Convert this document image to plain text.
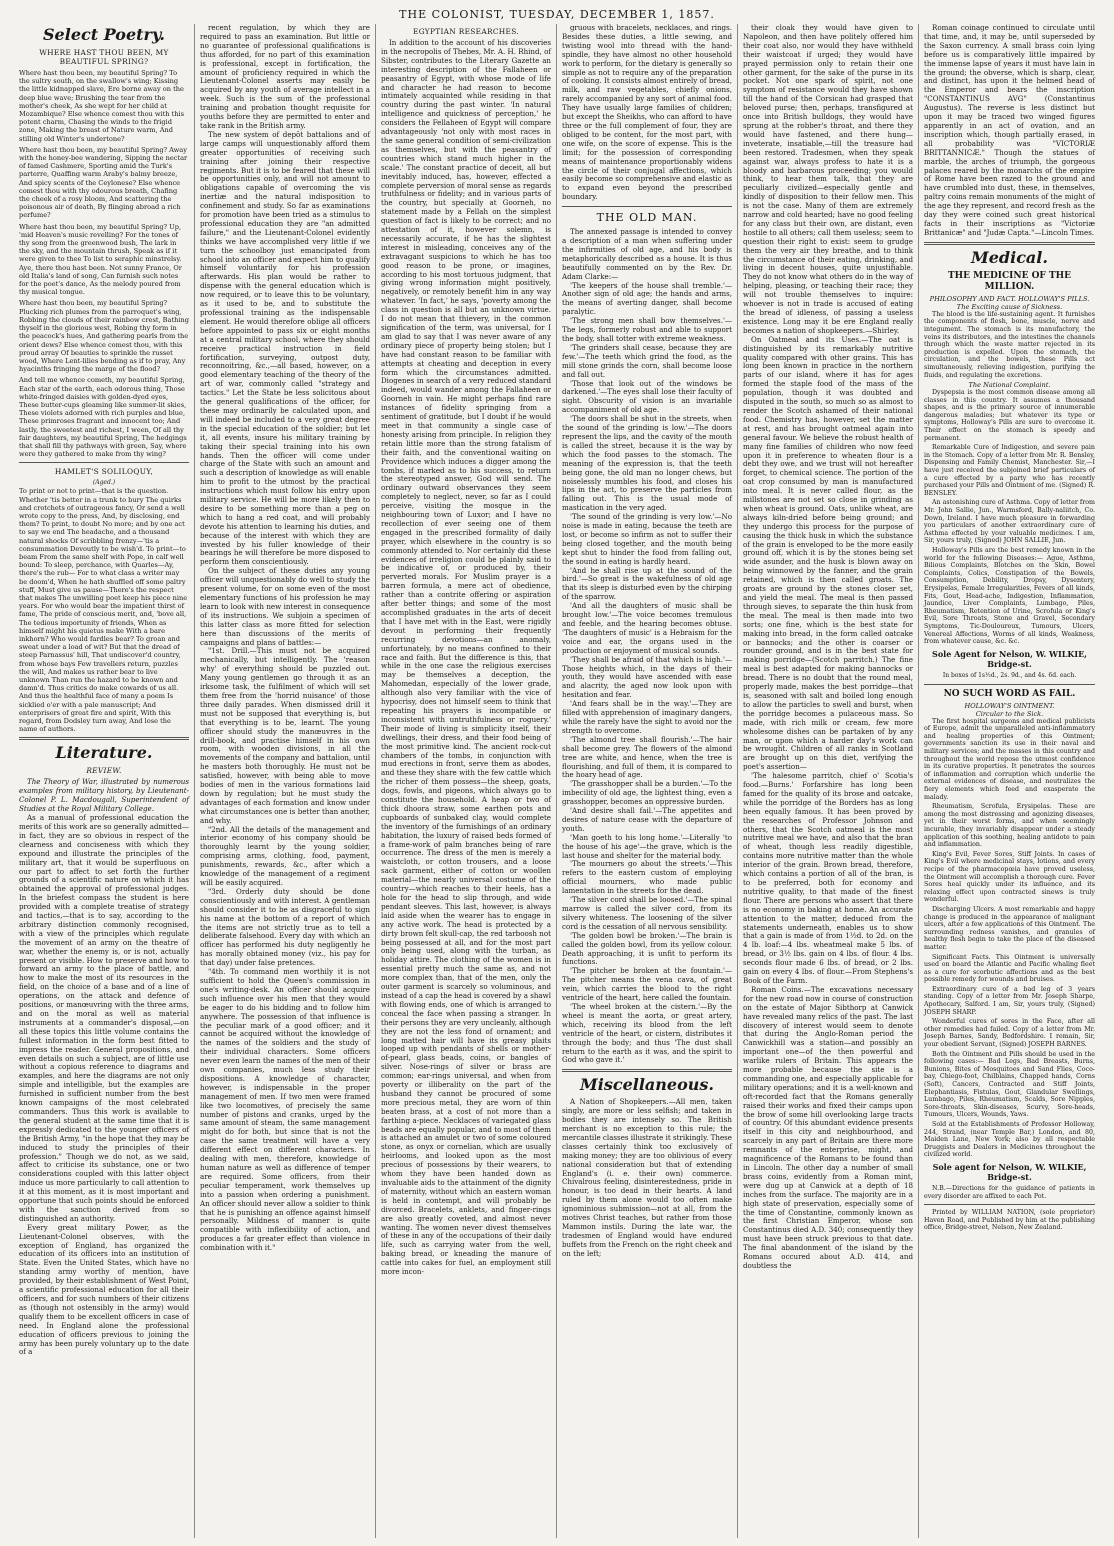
THE COLONIST, TUESDAY, DECEMBER 1, 1857.
Select Poetry.
WHERE HAST THOU BEEN, MY BEAUTIFUL SPRING?

Where hast thou been, my beautiful Spring? To the sultry south, on the swallow's wing; Kissing the little kidnapped slave, Ere borne away on the deep blue wave; Brushing the tear from the mother's cheek, As she wept for her child at Mozambique? Else whence comest thou with this potent charm, Chasing the winds to the frigid zone, Making the breast of Nature warm, And stilling old Winter's undertone?

Where hast thou been, my beautiful Spring? Away with the honey-bee wandering, Sipping the nectar of famed Cashmere, Sporting amid the Turk's parterre, Quaffing warm Araby's balmy breeze, And spicy scents of the Ceylonese? Else whence comest thou with thy odourous breath, Chafing the cheek of a rosy bloom, And scattering the poisonous air of death, By flinging abroad a rich perfume?

Where hast thou been, my beautiful Spring? Up, 'mid Heaven's music revelling? For the tones of thy song from the greenwood bush, The lark in the sky, and the mountain thrush, Speak as if it were given to thee To list to seraphic minstrelsy. Aye, there thou hast been. Not sunny France, Or old Italia's land of song, Can furnish such notes for the poet's dance, As the melody poured from thy musical tongue.

Where hast thou been, my beautiful Spring? Plucking rich plumes from the parroquet's wing, Robbing the clouds of their rainbow crest, Bathing thyself in the glorious west, Robing thy form in the peacock's hues, And gathering pearls from the orient dews? Else whence comest thou, with this proud array Of beauties to sprinkle the russet wood, Where Lent-lilies bending as if to pray, Any hyacinths fringing the marge of the flood?

And tell me whence cometh, my beautiful Spring, Each star of the earth, each odorous thing, Those white-fringed daisies with golden-dyed eyes, These butter-cups gleaming like summer-lit skies, These violets adorned with rich purples and blue, These primroses fragrant and innocent too; And lastly, the sweetest and richest, I ween, Of all thy fair daughters, my beautiful Spring, The hedgings that shall fill thy pathways with green, Say, where were they gathered to make from thy wing?

HAMLET'S SOLILOQUY,
(Aged.)

To print or not to print—that is the question. Whether 'tis better in a trunk to bury The quirks and crotchets of outrageous fancy, Or send a well wrote copy to the press, And, by disclosing, end them? To print, to doubt No more; and by one act to say we end The headache, and a thousand natural shocks Of scribbling frenzy—'tis a consummation Devoutly to be wish'd. To print—to beam From the same shelf with Pope, in calf well bound: To sleep, perchance, with Quarles—Ay, there's the rub— For to what class a writer may be doom'd, When he hath shuffled off some paltry stuff, Must give us pause—There's the respect that makes The unwilling poet keep his piece nine years. For who would bear the impatient thirst of fame, The pride of conscious merit, and, 'bove all, The tedious importunity of friends, When as himself might his quietus make With a bare inkhorn? Who would fardles bear? To groan and sweat under a load of wit? But that the dread of steep Parnassus' hill, That undiscover'd country, from whose bays Few travellers return, puzzles the will, And makes us rather bear to live unknown Than run the hazard to be known and damn'd. Thus critics do make cowards of us all. And thus the healthful face of many a poem Is sicklied o'er with a pale manuscript; And enterprisers of great fire and spirit, With this regard, from Dodsley turn away, And lose the name of authors.

Literature.
REVIEW.

The Theory of War, illustrated by numerous examples from military history, by Lieutenant-Colonel P. L. Macdougall, Superintendent of Studies at the Royal Military College.

As a manual of professional education the merits of this work are so generally admitted—in fact, they are so obvious in respect of the clearness and conciseness with which they expound and illustrate the principles of the military art, that it would be superfluous on our part to affect to set forth the further grounds of a scientific nature on which it has obtained the approval of professional judges. In the briefest compass the student is here provided with a complete treatise of strategy and tactics,—that is to say, according to the arbitrary distinction commonly recognised, with a view of the principles which regulate the movement of an army on the theatre of war, whether the enemy is, or is not, actually present or visible. How to preserve and how to forward an army to the place of battle, and how to make the most of its resources in the field, on the choice of a base and of a line of operations, on the attack and defence of positions, or manœuvring with the three arms, and on the moral as well as material instruments at a commander's disposal,—on all these topics this little volume contains the fullest information in the form best fitted to impress the reader. General propositions, and even details on such a subject, are of little use without a copious reference to diagrams and examples, and here the diagrams are not only simple and intelligible, but the examples are furnished in sufficient number from the best known campaigns of the most celebrated commanders. Thus this work is available to the general student at the same time that it is expressly dedicated to the younger officers of the British Army, "in the hope that they may be induced to study the principles of their profession." Though we do not, as we said, affect to criticise its substance, one or two considerations coupled with this latter object induce us more particularly to call attention to it at this moment, as it is most important and opportune that such points should be enforced with the sanction derived from so distinguished an authority.

Every great military Power, as the Lieutenant-Colonel observes, with the exception of England, has organized the education of its officers into an institution of State. Even the United States, which have no standing army worthy of mention, have provided, by their establishment of West Point, a scientific professional education for all their officers, and for such numbers of their citizens as (though not ostensibly in the army) would qualify them to be excellent officers in case of need. In England alone the professional education of officers previous to joining the army has been purely voluntary up to the date of a

recent regulation, by which they are required to pass an examination. But little or no guarantee of professional qualifications is thus afforded, for no part of this examination is professional, except in fortification, the amount of proficiency required in which the Lieutenant-Colonel asserts may easily be acquired by any youth of average intellect in a week. Such is the sum of the professional training and probation thought requisite for youths before they are permitted to enter and take rank in the British army.

The new system of depôt battalions and of large camps will unquestionably afford them greater opportunities of receiving such training after joining their respective regiments. But it is to be feared that these will be opportunities only, and will not amount to obligations capable of overcoming the vis inertiæ and the natural indisposition to confinement and study. So far as examinations for promotion have been tried as a stimulus to professional education they are "an admitted failure," and the Lieutenant-Colonel evidently thinks we have accomplished very little if we turn the schoolboy just emancipated from school into an officer and expect him to qualify himself voluntarily for his profession afterwards. His plan would be rather to dispense with the general education which is now required, or to leave this to be voluntary, as it used to be, and to substitute the professional training as the indispensable element. He would therefore oblige all officers before appointed to pass six or eight months at a central military school, where they should receive practical instruction in field fortification, surveying, outpost duty, reconnoitring, &c.,—all based, however, on a good elementary teaching of the theory of the art of war, commonly called "strategy and tactics." Let the State be less solicitous about the general qualifications of the officer, for these may ordinarily be calculated upon, and will indeed be included to a very great degree in the special education of the soldier; but let it, all events, insure his military training by taking their special training into his own hands. Then the officer will come under charge of the State with such an amount and such a description of knowledge as will enable him to profit to the utmost by the practical instructions which must follow his entry upon military service. He will be more likely then to desire to be something more than a peg on which to hang a red coat, and will probably devote his attention to learning his duties, and because of the interest with which they are invested by his fuller knowledge of their bearings he will therefore be more disposed to perform them conscientiously.

On the subject of these duties any young officer will unquestionably do well to study the present volume, for on some even of the most elementary functions of his profession he may learn to look with new interest in consequence of its instructions. We subjoin a specimen of this latter class as more fitted for selection here than discussions of the merits of campaigns and plans of battles:—

"1st. Drill.—This must not be acquired mechanically, but intelligently. The 'reason why' of everything should be puzzled out. Many young gentlemen go through it as an irksome task, the fulfilment of which will set them free from the 'horrid nuisance' of those three daily parades. When dismissed drill it must not be supposed that everything is, but that everything is to be, learnt. The young officer should study the manœuvres in the drill-book, and practise himself in his own room, with wooden divisions, in all the movements of the company and battalion, until he masters both thoroughly. He must not be satisfied, however, with being able to move bodies of men in the various formations laid down by regulation; but he must study the advantages of each formation and know under what circumstances one is better than another, and why.

"2nd. All the details of the management and interior economy of his company should be thoroughly learnt by the young soldier, comprising arms, clothing, food, payment, punishments, rewards, &c., after which a knowledge of the management of a regiment will be easily acquired.

"3rd. Orderly duty should be done conscientiously and with interest. A gentleman should consider it to be as disgraceful to sign his name at the bottom of a report of which the items are not strictly true as to tell a deliberate falsehood. Every day with which an officer has performed his duty negligently he has morally obtained money (viz., his pay for that day) under false pretences.

"4th. To command men worthily it is not sufficient to hold the Queen's commission in one's writing-desk. An officer should acquire such influence over his men that they would be eager to do his bidding and to follow him anywhere. The possession of that influence is the peculiar mark of a good officer; and it cannot be acquired without the knowledge of the names of the soldiers and the study of their individual characters. Some officers never even learn the names of the men of their own companies, much less study their dispositions. A knowledge of character, however, is indispensable in the proper management of men. If two men were framed like two locomotives, of precisely the same number of pistons and cranks, urged by the same amount of steam, the same management might do for both, but since that is not the case the same treatment will have a very different effect on different characters. In dealing with men, therefore, knowledge of human nature as well as difference of temper are required. Some officers, from their peculiar temperament, work themselves up into a passion when ordering a punishment. An officer should never allow a soldier to think that he is punishing an offence against himself personally. Mildness of manner is quite compatible with inflexibility of action, and produces a far greater effect than violence in combination with it."

EGYPTIAN RESEARCHES.

In addition to the account of his discoveries in the necropolis of Thebes, Mr. A. H. Rhind, of Sibster, contributes to the Literary Gazette an interesting description of the Fallaheen or peasantry of Egypt, with whose mode of life and character he had reason to become intimately acquainted while residing in that country during the past winter. 'In natural intelligence and quickness of perception,' he considers the Fellaheen of Egypt will compare advantageously 'not only with most races in the same general condition of semi-civilization as themselves, but with the peasantry of countries which stand much higher in the scale.' The constant practice of deceit, all but inevitably induced, has, however, effected a complete perversion of moral sense as regards truthfulness or fidelity; and in various parts of the country, but specially at Goorneh, no statement made by a Fellah on the simplest question of fact is likely to be correct; and no attestation of it, however solemn, is necessarily accurate, if he has the slightest interest in misleading, conceives any of the extravagant suspicions to which he has too good reason to be prone, or imagines, according to his most tortuous judgment, that giving wrong information might positively, negatively, or remotely benefit him in any way whatever. 'In fact,' he says, 'poverty among the class in question is all but an unknown virtue. I do not mean that thievery, in the common signification of the term, was universal, for I am glad to say that I was never aware of any ordinary piece of property being stolen; but I have had constant reason to be familiar with attempts at cheating and deception in every form which the circumstances admitted. Diogenes in search of a very reduced standard indeed, would wander among the Fallaheen or Goorneh in vain. He might perhaps find rare instances of fidelity springing from a sentiment of gratitude, but I doubt if he would meet in that community a single case of honesty arising from principle. In religion they retain little more than the strong fatalism of their faith, and the conventional waiting on Providence which induces a digger among the tombs, if marked as to his success, to return the stereotyped answer, God will send. The ordinary outward observances they seem completely to neglect, never, so far as I could perceive, visiting the mosque in the neighbouring town of Luxor; and I have no recollection of ever seeing one of them engaged in the prescribed formality of daily prayer, which elsewhere in the country is so commonly attended to. Nor certainly did these evidences of irreligion could be plainly said to be indicative of, or produced by, their perverted morals. For Muslim prayer is a barren formula, a mere act of obedience, rather than a contrite offering or aspiration after better things; and some of the most accomplished graduates in the arts of deceit that I have met with in the East, were rigidly devout in performing their frequently recurring devotions—an anomaly, unfortunately, by no means confined to their race and faith. But the difference is this, that while in the one case the religious exercises may be themselves a deception, the Mahomedan, especially of the lower grade, although also very familiar with the vice of hypocrisy, does not himself seem to think that repeating his prayers is incompatible or inconsistent with untruthfulness or roguery.' Their mode of living is simplicity itself, their dwellings, their dress, and their food being of the most primitive kind. The ancient rock-cut chambers of the tombs, in conjunction with mud erections in front, serve them as abodes, and these they share with the few cattle which the richer of them possess—the sheep, goats, dogs, fowls, and pigeons, which always go to constitute the household. A heap or two of thick dhoora straw, some earthen pots and cupboards of sunbaked clay, would complete the inventory of the furnishings of an ordinary habitation, the luxury of raised beds formed of a frame-work of palm branches being of rare occurrence. The dress of the men is merely a waistcloth, or cotton trousers, and a loose sack garment, either of cotton or woollen material—the nearly universal costume of the country—which reaches to their heels, has a hole for the head to slip through, and wide pendant sleeves. This last, however, is always laid aside when the wearer has to engage in any active work. The head is protected by a dirty brown felt skull-cap, the red tarboosh not being possessed at all, and for the most part only being used, along with the turban, as holiday attire. The clothing of the women is in essential pretty much the same as, and not more complex than, that of the men, only the outer garment is scarcely so voluminous, and instead of a cap the head is covered by a shawl with flowing ends, one of which is arranged to conceal the face when passing a stranger. In their persons they are very uncleanly, although they are not the less fond of ornament; and long matted hair will have its greasy plaits looped up with pendants of shells or mother-of-pearl, glass beads, coins, or bangles of silver. Nose-rings of silver or brass are common; ear-rings universal, and when from poverty or illiberality on the part of the husband they cannot be procured of some more precious metal, they are worn of thin beaten brass, at a cost of not more than a farthing a-piece. Necklaces of variegated glass beads are equally popular, and to most of them is attached an amulet or two of some coloured stone, as onyx or cornelian, which are usually heirlooms, and looked upon as the most precious of possessions by their wearers, to whom they have been handed down as invaluable aids to the attainment of the dignity of maternity, without which an eastern woman is held in contempt, and will probably be divorced. Bracelets, anklets, and finger-rings are also greatly coveted, and almost never wanting. The women never divest themselves of these in any of the occupations of their daily life, such as carrying water from the well, baking bread, or kneading the manure of cattle into cakes for fuel, an employment still more incon-

gruous with bracelets, necklaces, and rings. Besides these duties, a little sewing, and twisting wool into thread with the hand-spindle, they have almost no other household work to perform, for the dietary is generally so simple as not to require any of the preparation of cooking. It consists almost entirely of bread, milk, and raw vegetables, chiefly onions, rarely accompanied by any sort of animal food. They have usually large families of children; but except the Sheikhs, who can afford to have three or the full complement of four, they are obliged to be content, for the most part, with one wife, on the score of expense. This is the limit; for the possession of corresponding means of maintenance proportionably widens the circle of their conjugal affections, which easily become so comprehensive and elastic as to expand even beyond the prescribed boundary.

THE OLD MAN.

The annexed passage is intended to convey a description of a man when suffering under the infirmities of old age, and his body is metaphorically described as a house. It is thus beautifully commented on by the Rev. Dr. Adam Clarke:—

'The keepers of the house shall tremble.'—Another sign of old age; the hands and arms, the means of averting danger, shall become paralytic.

'The strong men shall bow themselves.'—The legs, formerly robust and able to support the body, shall totter with extreme weakness.

'The grinders shall cease, because they are few.'—The teeth which grind the food, as the mill stone grinds the corn, shall become loose and fall out.

'Those that look out of the windows be darkened.'—The eyes shall lose their faculty of sight. Obscurity of vision is an invariable accompaniment of old age.

'The doors shall be shut in the streets, when the sound of the grinding is low.'—The doors represent the lips, and the cavity of the mouth is called the street, because it is the way by which the food passes to the stomach. The meaning of the expression is, that the teeth being gone, the old man no longer chews, but noiselessly mumbles his food, and closes his lips in the act, to preserve the particles from falling out. This is the usual mode of mastication in the very aged.

'The sound of the grinding is very low.'—No noise is made in eating, because the teeth are lost, or become so infirm as not to suffer their being closed together, and the mouth being kept shut to hinder the food from falling out, the sound in eating is hardly heard.

'And he shall rise up at the sound of the bird.'—So great is the wakefulness of old age that its sleep is disturbed even by the chirping of the sparrow.

'And all the daughters of music shall be brought low.'—The voice becomes tremulous and feeble, and the hearing becomes obtuse. 'The daughters of music' is a Hebraism for the voice and ear, the organs used in the production or enjoyment of musical sounds.

'They shall be afraid of that which is high.'—Those heights which, in the days of their youth, they would have ascended with ease and alacrity, the aged now look upon with hesitation and fear.

'And fears shall be in the way.'—They are filled with apprehension of imaginary dangers, while the rarely have the sight to avoid nor the strength to overcome.

'The almond tree shall flourish.'—The hair shall become grey. The flowers of the almond tree are white, and hence, when the tree is flourishing, and full of them, it is compared to the hoary head of age.

'The grasshopper shall be a burden.'—To the imbecility of old age, the lightest thing, even a grasshopper, becomes an oppressive burden.

'And desire shall fail.'—The appetites and desires of nature cease with the departure of youth.

'Man goeth to his long home.'—Literally 'to the house of his age'—the grave, which is the last house and shelter for the material body.

'The mourners go about the streets.'—This refers to the eastern custom of employing official mourners, who made public lamentation in the streets for the dead.

'The silver cord shall be loosed.'—The spinal marrow is called the silver cord, from its silvery whiteness. The loosening of the silver cord is the cessation of all nervous sensibility.

'The golden bowl be broken.'—The brain is called the golden bowl, from its yellow colour. Death approaching, it is unfit to perform its functions.

'The pitcher be broken at the fountain.'—The pitcher means the vena cava, of great vein, which carries the blood to the right ventricle of the heart, here called the fountain.

'The wheel broken at the cistern.'—By the wheel is meant the aorta, or great artery, which, receiving its blood from the left ventricle of the heart, or cistern, distributes it through the body; and thus 'The dust shall return to the earth as it was, and the spirit to God who gave it.'

Miscellaneous.

A Nation of Shopkeepers.—All men, taken singly, are more or less selfish; and taken in bodies they are intensely so. The British merchant is no exception to this rule; the mercantile classes illustrate it strikingly. These classes certainly think too exclusively of making money; they are too oblivious of every national consideration but that of extending England's (i. e. their own) commerce. Chivalrous feeling, disinterestedness, pride in honour, is too dead in their hearts. A land ruled by them alone would too often make ignominious submission—not at all, from the motives Christ teaches, but rather from those Mammon instils. During the late war, the tradesmen of England would have endured buffets from the French on the right cheek and on the left;

their cloak they would have given to Napoleon, and then have politely offered him their coat also, nor would they have withheld their waistcoat if urged; they would have prayed permission only to retain their one other garment, for the sake of the purse in its pocket. Not one spark of spirit, not one symptom of resistance would they have shown till the hand of the Corsican had grasped that beloved purse; then, perhaps, transfigured at once into British bulldogs, they would have sprung at the robber's throat, and there they would have fastened, and there hung—inveterate, insatiable,—till the treasure had been restored. Tradesmen, when they speak against war, always profess to hate it is a bloody and barbarous proceeding; you would think, to hear them talk, that they are peculiarly civilized—especially gentle and kindly of disposition to their fellow men. This is not the case. Many of them are extremely narrow and cold hearted; have no good feeling for any class but their own, are distant, even hostile to all others; call them useless; seem to question their right to exist: seem to grudge them the very air they breathe, and to think the circumstance of their eating, drinking, and living in decent houses, quite unjustifiable. They do not know what others do in the way of helping, pleasing, or teaching their race; they will not trouble themselves to inquire: whoever is not in trade is accused of eating the bread of idleness, of passing a useless existence. Long may it be ere England really becomes a nation of shopkeepers.—Shirley.

On Oatmeal and its Uses.—The oat is distinguished by its remarkably nutritive quality compared with other grains. This has long been known in practice in the northern parts of our island, where it has for ages formed the staple food of the mass of the population, though it was doubted and disputed in the south, so much so as almost to render the Scotch ashamed of their national food. Chemistry has, however, set the matter at rest, and has brought oatmeal again into general favour. We believe the robust health of many fine families of children who now feed upon it in preference to wheaten flour is a debt they owe, and we trust will not hereafter forget, to chemical science. The portion of the oat crop consumed by man is manufactured into meal. It is never called flour, as the millstones are not set so close in grinding as when wheat is ground. Oats, unlike wheat, are always kiln-dried before being ground; and they undergo this process for the purpose of causing the thick husk in which the substance of the grain is enveloped to be the more easily ground off, which it is by the stones being set wide asunder, and the husk is blown away on being winnowed by the fanner, and the grain retained, which is then called groats. The groats are ground by the stones closer set, and yield the meal. The meal is then passed through sieves, to separate the thin husk from the meal. The meal is then made into two sorts; one fine, which is the best state for making into bread, in the form called oatcake or bannocks; and the other is coarser or rounder ground, and is in the best state for making porridge—(Scotch parritch.) The fine meal is best adapted for making bannocks or bread. There is no doubt that the round meal, properly made, makes the best porridge—that is, seasoned with salt and boiled long enough to allow the particles to swell and burst, when the porridge becomes a pulaceous mass. So made, with rich milk or cream, few more wholesome dishes can be partaken of by any man, or upon which a harder day's work can be wrought. Children of all ranks in Scotland are brought up on this diet, verifying the poet's assertion—

'The halesome parritch, chief o' Scotia's food.—Burns.' Forfarshire has long been famed for the quality of its brose and oatcake, while the porridge of the Borders has as long been equally famous. It has been proved by the researches of Professor Johnson and others, that the Scotch oatmeal is the most nutritive meal we have, and also that the bran of wheat, though less readily digestible, contains more nutritive matter than the whole interior of the grain. Brown bread, therefore, which contains a portion of all of the bran, is to be preferred, both for economy and nutritive quality, to that made of the finest flour. There are persons who assert that there is no economy in baking at home. An accurate attention to the matter, deduced from the statements underneath, enables us to show that a gain is made of from 1½d. to 2d. on the 4 lb. loaf:—4 lbs. wheatmeal make 5 lbs. of bread, or 3½ lbs. gain on 4 lbs. of flour. 4 lbs. seconds flour made 6 lbs. of bread, or 2 lbs. gain on every 4 lbs. of flour.—From Stephens's Book of the Farm.

Roman Coins.—The excavations necessary for the new road now in course of construction on the estate of Major Sibthorp at Canwick have revealed many relics of the past. The last discovery of interest would seem to denote that during the Anglo-Roman period the Canwickhill was a station—and possibly an important one—of the then powerful and warlike rulers of Britain. This appears the more probable because the site is a commanding one, and especially applicable for military operations; and it is a well-known and oft-recorded fact that the Romans generally raised their works and fixed their camps upon the brow of some hill overlooking large tracts of country. Of this abundant evidence presents itself in this city and neighbourhood, and scarcely in any part of Britain are there more remnants of the enterprise, might, and magnificence of the Romans to be found than in Lincoln. The other day a number of small brass coins, evidently from a Roman mint, were dug up at Canwick at a depth of 18 inches from the surface. The majority are in a high state of preservation, especially some of the time of Constantine, commonly known as the first Christian Emperor, whose son Constantinus died A.D. 340; consequently they must have been struck previous to that date. The final abandonment of the island by the Romans occured about A.D. 414, and doubtless the

Roman coinage continued to circulate until that time, and, it may be, until superseded by the Saxon currency. A small brass coin lying before us is comparatively little impaired by the immense lapse of years it must have lain in the ground; the obverse, which is sharp, clear, and distinct, has upon it the helmed head of the Emperor and bears the inscription "CONSTANTINUS AVG" (Constantinus Augustus). The reverse is less distinct but upon it may be traced two winged figures apparently in an act of ovation, and an inscription which, though partially erased, in all probability was "VICTORIÆ BRITTANNICÆ." Though the statues of marble, the arches of triumph, the gorgeous palaces reared by the monarchs of the empire of Rome have been razed to the ground and have crumbled into dust, these, in themselves, paltry coins remain monuments of the might of the age they represent, and record fresh as the day they were coined such great historical facts in their inscriptions as "Victoriæ Brittanicæ" and "Judæ Capta."—Lincoln Times.

Medical.
THE MEDICINE OF THE MILLION.
PHILOSOPHY AND FACT. HOLLOWAY'S PILLS.
The Exciting cause of Sickness.

The blood is the life-sustaining agent. It furnishes the components of flesh, bone, muscle, nerve and integument. The stomach is its manufactory, the veins its distributors, and the intestines the channels through which the waste matter rejected in its production is expelled. Upon the stomach, the circulation, and the bowels, these Pills act simultaneously, relieving indigestion, purifying the fluids, and regulating the excretions.

The National Complaint.

Dyspepsia is the most common disease among all classes in this country. It assumes a thousand shapes, and is the primary source of innumerable dangerous maladies; but whatever its type or symptoms, Holloway's Pills are sure to overcome it. Their effect on the stomach is speedy and permanent.

Remarkable Cure of Indigestion, and severe pain in the Stomach. Copy of a letter from Mr. R. Bensley, Dispensing and Family Chemist, Manchester. Sir,—I have just received the subjoined brief particulars of a cure effected by a party who has recently purchased your Pills and Ointment of me. (Signed) R. BENSLEY.

An astonishing cure of Asthma. Copy of letter from Mr. John Sallie, Jun., Warmsford, Bally-naliitch, Co. Down, Ireland. I have much pleasure in forwarding you particulars of another extraordinary cure of Asthma effected by your valuable medicines. I am, Sir, yours truly, (Signed) JOHN SALLIE, Jun.

Holloway's Pills are the best remedy known in the world for the following Diseases:— Ague, Asthma, Bilious Complaints, Blotches on the Skin, Bowel Complaints, Colics, Constipation of the Bowels, Consumption, Debility, Dropsy, Dysentery, Erysipelas, Female Irregularities, Fevers of all kinds, Fits, Gout, Head-ache, Indigestion, Inflammation, Jaundice, Liver Complaints, Lumbago, Piles, Rheumatism, Retention of Urine, Scrofula or King's Evil, Sore Throats, Stone and Gravel, Secondary Symptoms, Tic-Douloureux, Tumours, Ulcers, Venereal Affections, Worms of all kinds, Weakness, from whatever cause, &c. &c.

Sole Agent for Nelson, W. WILKIE, Bridge-st.
In boxes of 1s½d., 2s. 9d., and 4s. 6d. each.
NO SUCH WORD AS FAIL.
HOLLOWAY'S OINTMENT.
Circular to the Sick.

The first hospital surgeons and medical publicists of Europe, admit the unparalleled anti-inflammatory and healing properties of this Ointment; governments sanction its use in their naval and military services; and the masses in this country and throughout the world repose the utmost confidence in its curative properties. It penetrates the sources of inflammation and corruption which underlie the external evidences of disease, and neutralizes the fiery elements which feed and exasperate the malady.

Rheumatism, Scrofula, Erysipelas. These are among the most distressing and agonizing diseases, yet in their worst forms, and when seemingly incurable, they invariably disappear under a steady application of this soothing, healing antidote to pain and inflammation.

King's Evil, Fever Sores, Stiff Joints. In cases of King's Evil where medicinal stays, lotions, and every recipe of the pharmacopœia have proved useless, the Ointment will accomplish a thorough cure. Fever Sores heal quickly under its influence, and its relaxing effect upon contracted sinews is truly wonderful.

Discharging Ulcers. A most remarkable and happy change is produced in the appearance of malignant ulcers, after a few applications of this Ointment. The surrounding redness vanishes, and granules of healthy flesh begin to take the place of the diseased matter.

Significant Facts. This Ointment is universally used on board the Atlantic and Pacific whaling fleet as a cure for scorbutic affections and as the best possible remedy for wounds and bruises.

Extraordinary cure of a bad leg of 3 years standing. Copy of a letter from Mr. Joseph Sharpe, Apothecary, Salford. I am, Sir, yours truly, (Signed) JOSEPH SHARP.

Wonderful cures of sores in the Face, after all other remedies had failed. Copy of a letter from Mr. Joseph Barnes, Sandy, Bedfordshire. I remain, Sir, your obedient Servant, (Signed) JOSEPH BARNES.

Both the Ointment and Pills should be used in the following cases:— Bad Legs, Bad Breasts, Burns, Bunions, Bites of Mosquitoes and Sand Flies, Coco-bay, Chiego-foot, Chilblains, Chapped hands, Corns (Soft), Cancers, Contracted and Stiff Joints, Elephantiasis, Fistulas, Gout, Glandular Swellings, Lumbago, Piles, Rheumatism, Scalds, Sore Nipples, Sore-throats, Skin-diseases, Scurvy, Sore-heads, Tumours, Ulcers, Wounds, Yaws.

Sold at the Establishments of Professor Holloway, 244, Strand, (near Temple Bar,) London, and 80, Maiden Lane, New York; also by all respectable Druggists and Dealers in Medicines throughout the civilized world.

Sole agent for Nelson, W. WILKIE, Bridge-st.

N.B.—Directions for the guidance of patients in every disorder are affixed to each Pot.

Printed by WILLIAM NATION, (sole proprietor) Haven Road, and Published by him at the publishing office, Bridge-street, Nelson, New Zealand.
